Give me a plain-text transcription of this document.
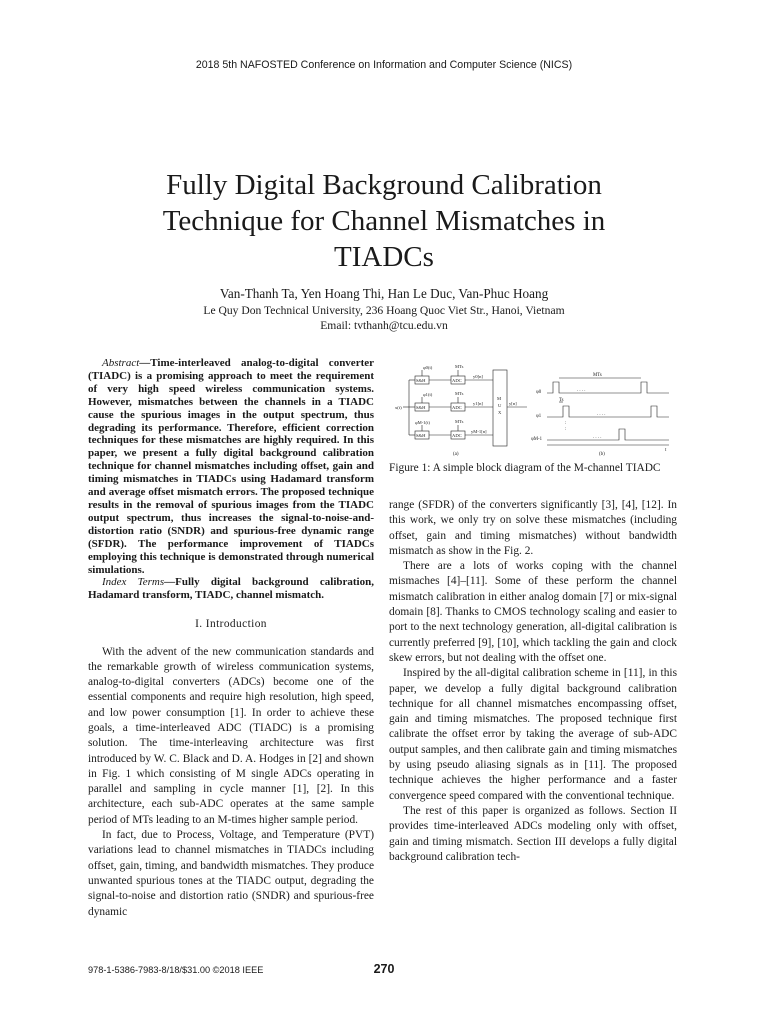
2018 5th NAFOSTED Conference on Information and Computer Science (NICS)
Fully Digital Background Calibration
Technique for Channel Mismatches in
TIADCs
Van-Thanh Ta, Yen Hoang Thi, Han Le Duc, Van-Phuc Hoang
Le Quy Don Technical University, 236 Hoang Quoc Viet Str., Hanoi, Vietnam
Email: tvthanh@tcu.edu.vn

Abstract—Time-interleaved analog-to-digital converter (TIADC) is a promising approach to meet the requirement of very high speed wireless communication systems. However, mismatches between the channels in a TIADC cause the spurious images in the output spectrum, thus degrading its performance. Therefore, efficient correction techniques for these mismatches are highly required. In this paper, we present a fully digital background calibration technique for channel mismatches including offset, gain and timing mismatches in TIADCs using Hadamard transform and average offset mismatch errors. The proposed technique results in the removal of spurious images from the TIADC output spectrum, thus increases the signal-to-noise-and-distortion ratio (SNDR) and spurious-free dynamic range (SFDR). The performance improvement of TIADCs employing this technique is demonstrated through numerical simulations.

Index Terms—Fully digital background calibration, Hadamard transform, TIADC, channel mismatch.

I. Introduction

With the advent of the new communication standards and the remarkable growth of wireless communication systems, analog-to-digital converters (ADCs) become one of the essential components and require high resolution, high speed, and low power consumption [1]. In order to achieve these goals, a time-interleaved ADC (TIADC) is a promising solution. The time-interleaving architecture was first introduced by W. C. Black and D. A. Hodges in [2] and shown in Fig. 1 which consisting of M single ADCs operating in parallel and sampling in cycle manner [1], [2]. In this architecture, each sub-ADC operates at the same sample period of MTs leading to an M-times higher sample period.

In fact, due to Process, Voltage, and Temperature (PVT) variations lead to channel mismatches in TIADCs including offset, gain, timing, and bandwidth mismatches. They produce unwanted spurious tones at the TIADC output, degrading the signal-to-noise and distortion ratio (SNDR) and spurious-free dynamic

S&H
S&H
S&H
ADC
ADC
ADC
M
U
X
x(t)
y[n]
φ0(t)
φ1(t)
φM-1(t)
MTs
MTs
MTs
y0[n]
y1[n]
yM-1[n]
(a)
φ0
φ1
φM-1
MTs
Ts
. . . .
. . . .
. . . .
:
:
t
(b)
Figure 1: A simple block diagram of the M-channel TIADC

range (SFDR) of the converters significantly [3], [4], [12]. In this work, we only try on solve these mismatches (including offset, gain and timing mismatches) without bandwidth mismatch as show in the Fig. 2.

There are a lots of works coping with the channel mismaches [4]–[11]. Some of these perform the channel mismatch calibration in either analog domain [7] or mix-signal domain [8]. Thanks to CMOS technology scaling and easier to port to the next technology generation, all-digital calibration is currently preferred [9], [10], which tackling the gain and clock skew errors, but not dealing with the offset one.

Inspired by the all-digital calibration scheme in [11], in this paper, we develop a fully digital background calibration technique for all channel mismatches encompassing offset, gain and timing mismatches. The proposed technique first calibrate the offset error by taking the average of sub-ADC output samples, and then calibrate gain and timing mismatches by using pseudo aliasing signals as in [11]. The proposed technique achieves the higher performance and a faster convergence speed compared with the conventional technique.

The rest of this paper is organized as follows. Section II provides time-interleaved ADCs modeling only with offset, gain and timing mismatch. Section III develops a fully digital background calibration tech-

978-1-5386-7983-8/18/$31.00 ©2018 IEEE	270
